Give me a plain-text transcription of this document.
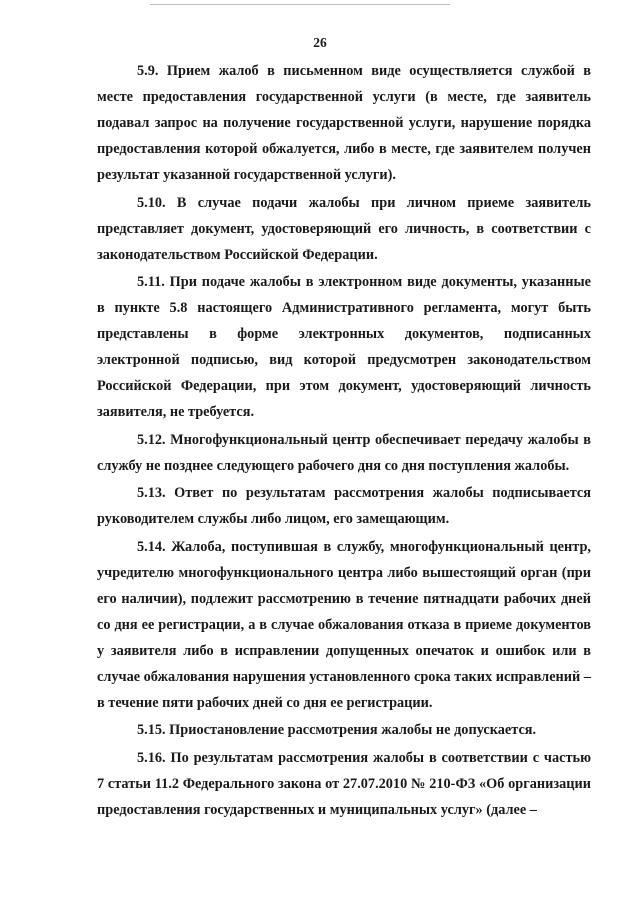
26

5.9. Прием жалоб в письменном виде осуществляется службой в месте предоставления государственной услуги (в месте, где заявитель подавал запрос на получение государственной услуги, нарушение порядка предоставления которой обжалуется, либо в месте, где заявителем получен результат указанной государственной услуги).

5.10. В случае подачи жалобы при личном приеме заявитель представляет документ, удостоверяющий его личность, в соответствии с законодательством Российской Федерации.

5.11. При подаче жалобы в электронном виде документы, указанные в пункте 5.8 настоящего Административного регламента, могут быть представлены в форме электронных документов, подписанных электронной подписью, вид которой предусмотрен законодательством Российской Федерации, при этом документ, удостоверяющий личность заявителя, не требуется.

5.12. Многофункциональный центр обеспечивает передачу жалобы в службу не позднее следующего рабочего дня со дня поступления жалобы.

5.13. Ответ по результатам рассмотрения жалобы подписывается руководителем службы либо лицом, его замещающим.

5.14. Жалоба, поступившая в службу, многофункциональный центр, учредителю многофункционального центра либо вышестоящий орган (при его наличии), подлежит рассмотрению в течение пятнадцати рабочих дней со дня ее регистрации, а в случае обжалования отказа в приеме документов у заявителя либо в исправлении допущенных опечаток и ошибок или в случае обжалования нарушения установленного срока таких исправлений – в течение пяти рабочих дней со дня ее регистрации.

5.15. Приостановление рассмотрения жалобы не допускается.

5.16. По результатам рассмотрения жалобы в соответствии с частью 7 статьи 11.2 Федерального закона от 27.07.2010 № 210-ФЗ «Об организации предоставления государственных и муниципальных услуг» (далее –
